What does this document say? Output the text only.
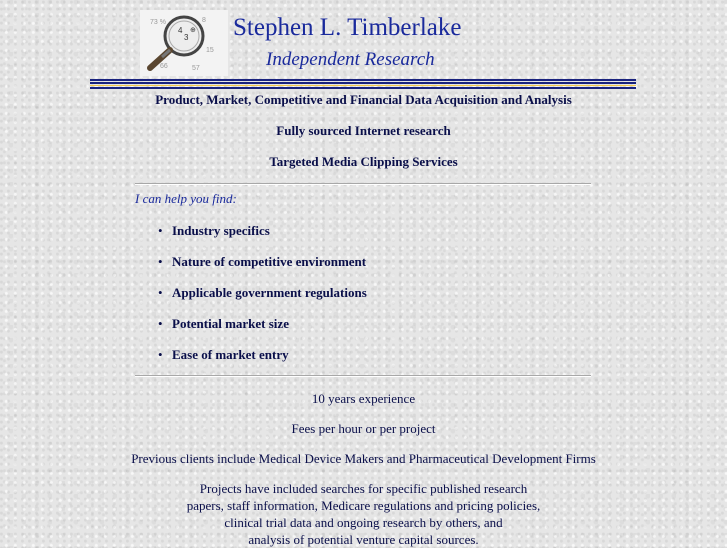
73 %	8
15
57
66
4
3
⊕ Stephen L. Timberlake
Independent Research
Product, Market, Competitive and Financial Data Acquisition and Analysis
Fully sourced Internet research
Targeted Media Clipping Services
I can help you find:
• Industry specifics
• Nature of competitive environment
• Applicable government regulations
• Potential market size
• Ease of market entry
10 years experience
Fees per hour or per project
Previous clients include Medical Device Makers and Pharmaceutical Development Firms
Projects have included searches for specific published research
papers, staff information, Medicare regulations and pricing policies,
clinical trial data and ongoing research by others, and
analysis of potential venture capital sources.
